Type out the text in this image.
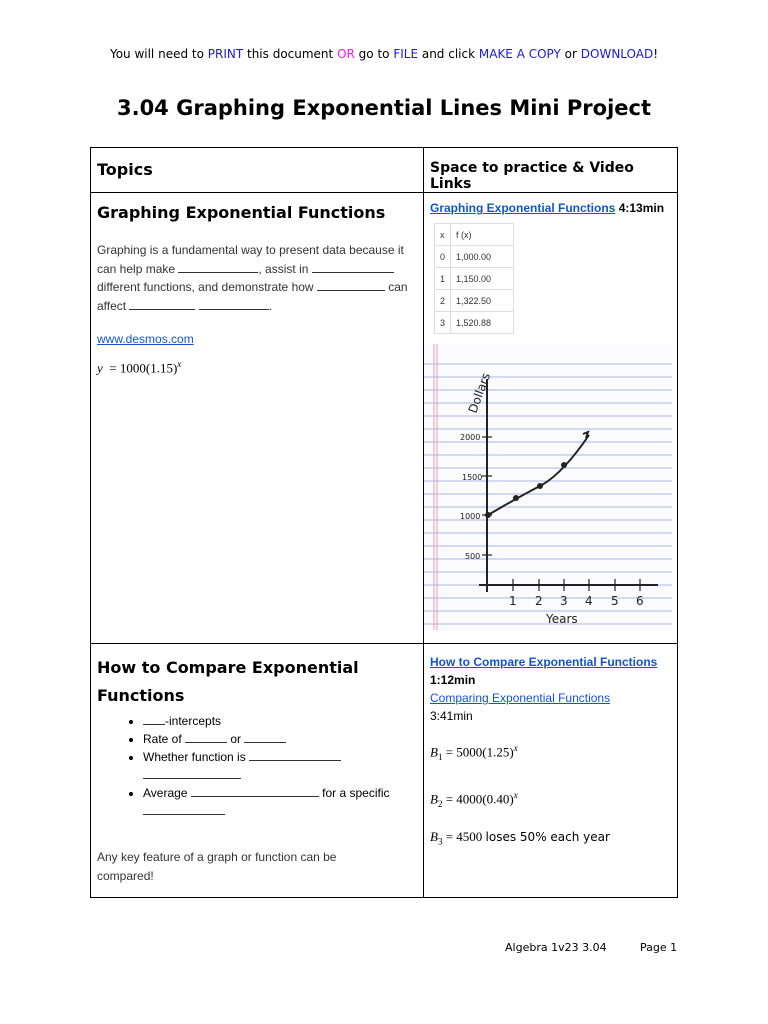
You will need to PRINT this document OR go to FILE and click MAKE A COPY or DOWNLOAD!
3.04 Graphing Exponential Lines Mini Project
Topics	Space to practice & Video Links

Graphing Exponential Functions

Graphing is a fundamental way to present data because it can help make	, assist in  different functions, and demonstrate how	can affect	.
www.desmos.com
$y = 1000(1.15)^x$

Graphing Exponential Functions 4:13min
x	f (x)
0	1,000.00
1	1,150.00
2	1,322.50
3	1,520.88

How to Compare Exponential Functions

• -intercepts
• Rate of	or
• Whether function is

• Average	for a specific
Any key feature of a graph or function can be compared!

How to Compare Exponential Functions
1:12min
Comparing Exponential Functions
3:41min
$B_1 = 5000(1.25)^x$
$B_2 = 4000(0.40)^x$
$B_3 = 4500$ loses 50% each year
Dollars
2000
1500
1000
500
1 2 3 4 5 6
Years
Algebra 1v23 3.04	Page 1
